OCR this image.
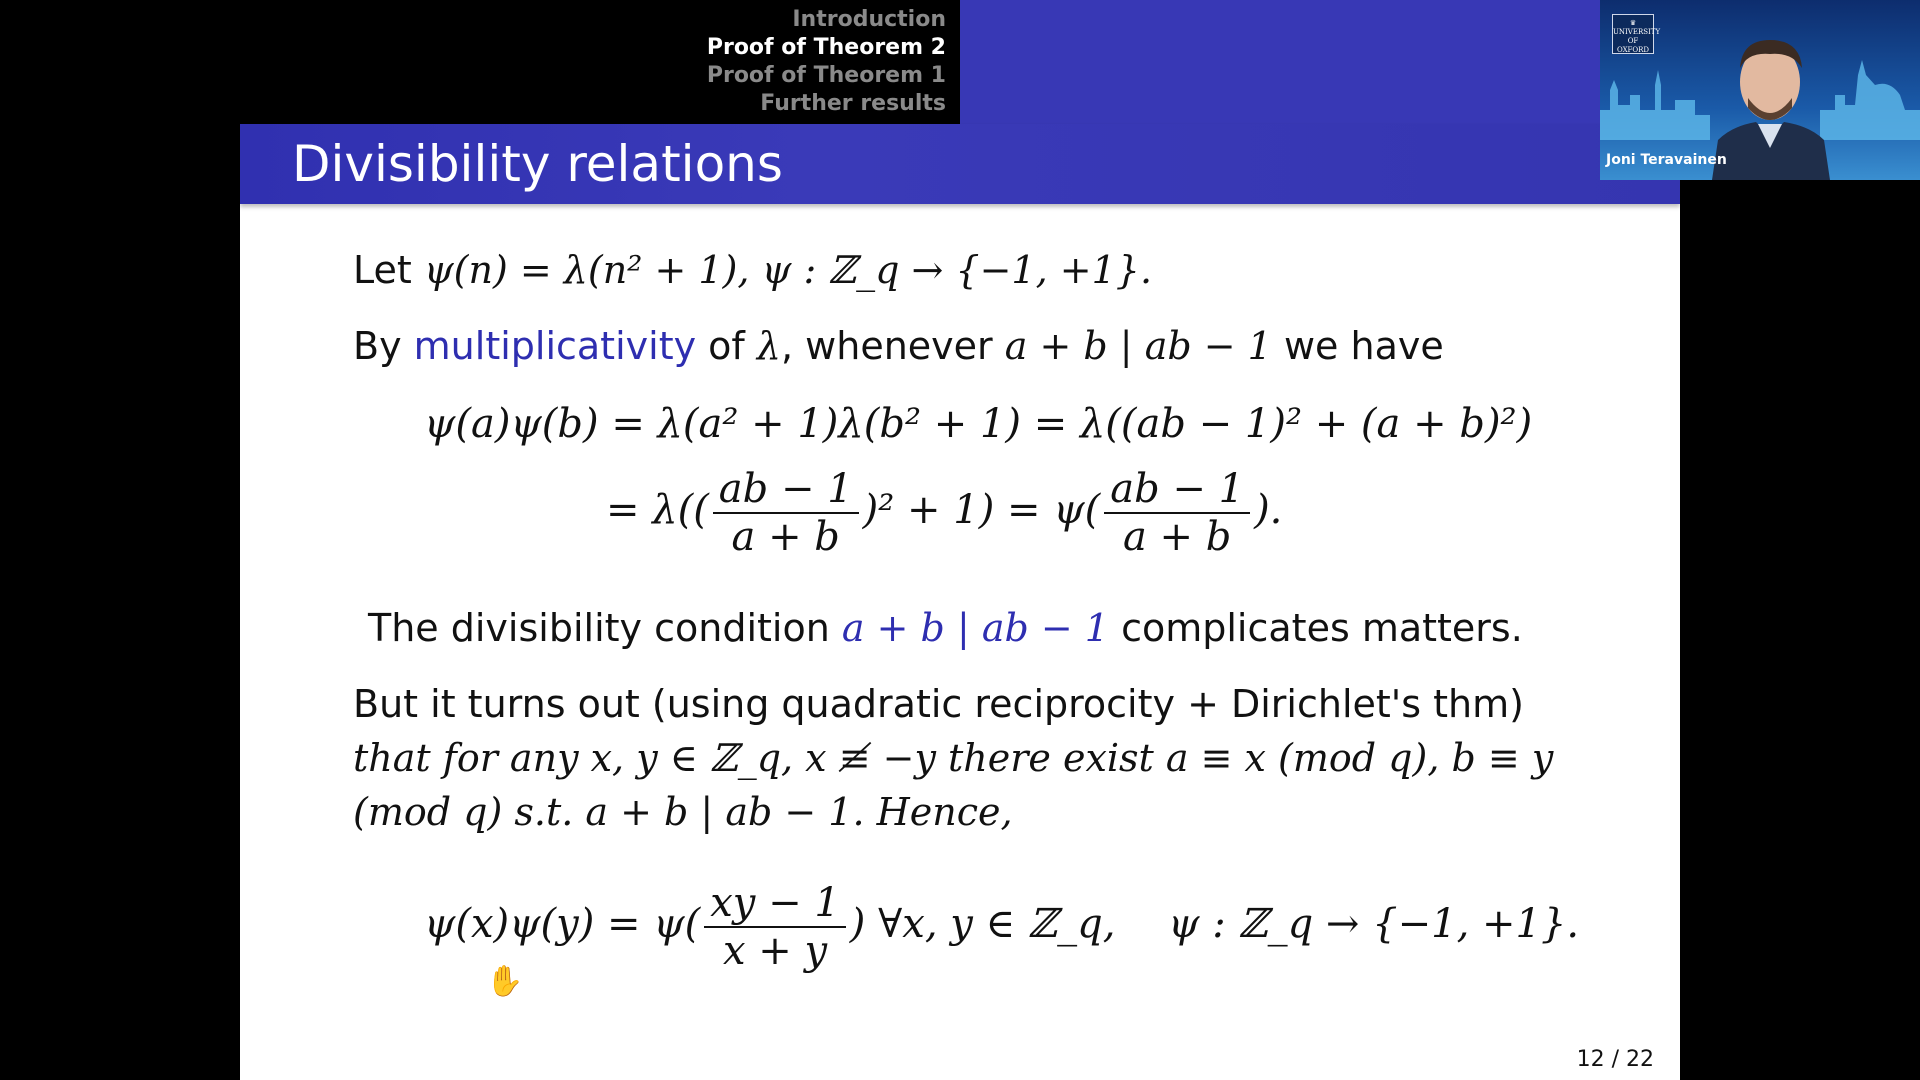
Introduction
Proof of Theorem 2
Proof of Theorem 1
Further results
Divisibility relations
Let ψ(n) = λ(n² + 1), ψ : ℤ_q → {−1, +1}.
By multiplicativity of λ, whenever a + b | ab − 1 we have
ψ(a)ψ(b) = λ(a² + 1)λ(b² + 1) = λ((ab − 1)² + (a + b)²)
= $\lambda(( \frac{ab - 1}{a + b} )^2 + 1) = \psi( \frac{ab - 1}{a + b}$ ).
The divisibility condition a + b | ab − 1 complicates matters.
But it turns out (using quadratic reciprocity + Dirichlet's thm)
that for any x, y ∈ ℤ_q, x ≢ −y there exist a ≡ x (mod q), b ≡ y
(mod q) s.t. a + b | ab − 1. Hence,
$\psi(x)\psi(y) = \psi( \frac{xy - 1}{x + y}$ ) ∀x, y ∈ ℤ_q, ψ : ℤ_q → {−1, +1}.
12 / 22
✋
♛
UNIVERSITY OF OXFORD
Joni Teravainen
